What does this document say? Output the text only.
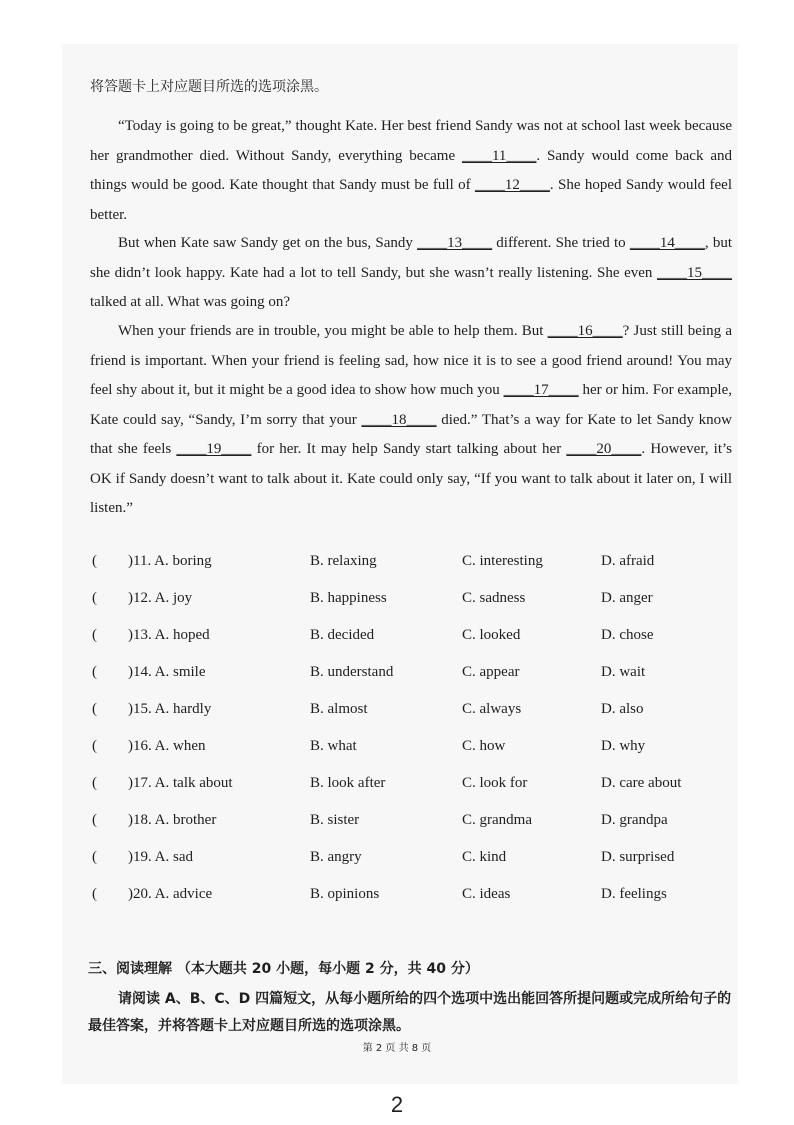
将答题卡上对应题目所选的选项涂黑。
“Today is going to be great,” thought Kate. Her best friend Sandy was not at school last week because her grandmother died. Without Sandy, everything became ____11____. Sandy would come back and things would be good. Kate thought that Sandy must be full of ____12____. She hoped Sandy would feel better.
But when Kate saw Sandy get on the bus, Sandy ____13____ different. She tried to ____14____, but she didn’t look happy. Kate had a lot to tell Sandy, but she wasn’t really listening. She even ____15____ talked at all. What was going on?
When your friends are in trouble, you might be able to help them. But ____16____? Just still being a friend is important. When your friend is feeling sad, how nice it is to see a good friend around! You may feel shy about it, but it might be a good idea to show how much you ____17____ her or him. For example, Kate could say, “Sandy, I’m sorry that your ____18____ died.” That’s a way for Kate to let Sandy know that she feels ____19____ for her. It may help Sandy start talking about her ____20____. However, it’s OK if Sandy doesn’t want to talk about it. Kate could only say, “If you want to talk about it later on, I will listen.”
( )11. A. boring	B. relaxing	C. interesting	D. afraid
( )12. A. joy	B. happiness	C. sadness	D. anger
( )13. A. hoped	B. decided	C. looked	D. chose
( )14. A. smile	B. understand	C. appear	D. wait
( )15. A. hardly	B. almost	C. always	D. also
( )16. A. when	B. what	C. how	D. why
( )17. A. talk about	B. look after	C. look for	D. care about
( )18. A. brother	B. sister	C. grandma	D. grandpa
( )19. A. sad	B. angry	C. kind	D. surprised
( )20. A. advice	B. opinions	C. ideas	D. feelings
三、阅读理解 （本大题共 20 小题，每小题 2 分，共 40 分）
请阅读 A、B、C、D 四篇短文，从每小题所给的四个选项中选出能回答所提问题或完成所给句子的最佳答案，并将答题卡上对应题目所选的选项涂黑。
第 2 页 共 8 页
2
